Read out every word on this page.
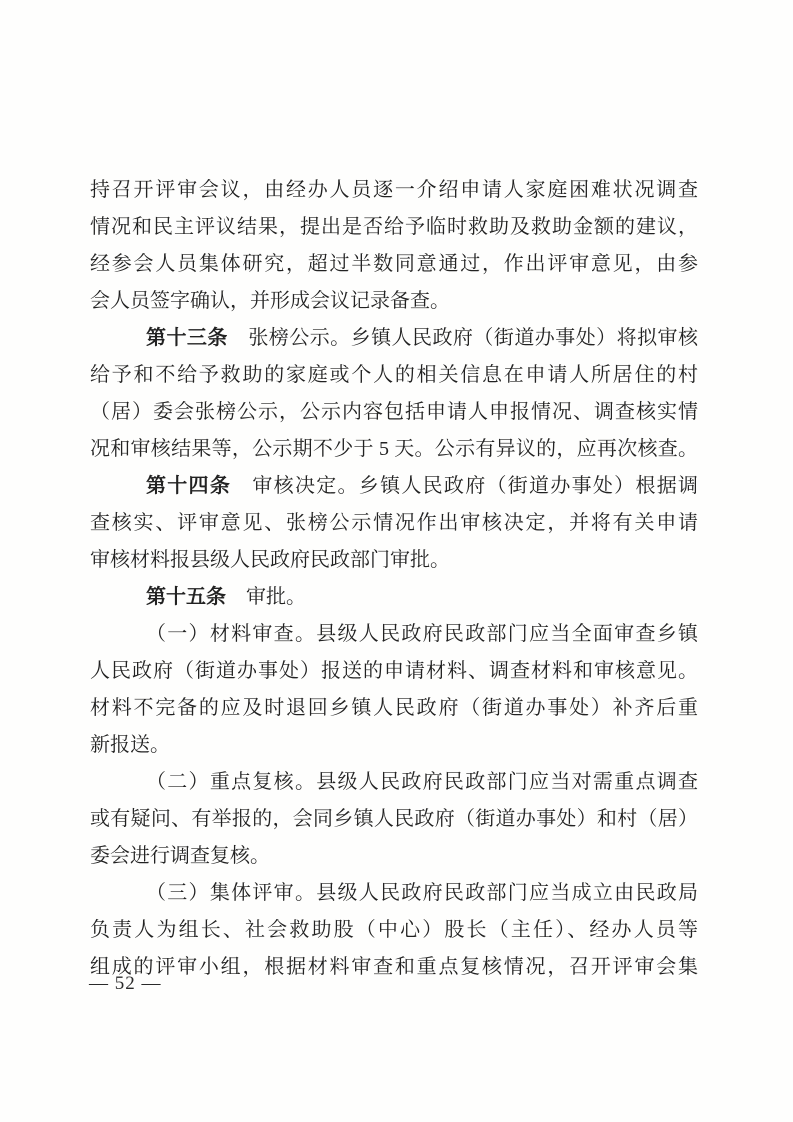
持召开评审会议，由经办人员逐一介绍申请人家庭困难状况调查
情况和民主评议结果，提出是否给予临时救助及救助金额的建议，
经参会人员集体研究，超过半数同意通过，作出评审意见，由参
会人员签字确认，并形成会议记录备查。
第十三条　张榜公示。乡镇人民政府（街道办事处）将拟审核
给予和不给予救助的家庭或个人的相关信息在申请人所居住的村
（居）委会张榜公示，公示内容包括申请人申报情况、调查核实情
况和审核结果等，公示期不少于 5 天。公示有异议的，应再次核查。
第十四条　审核决定。乡镇人民政府（街道办事处）根据调
查核实、评审意见、张榜公示情况作出审核决定，并将有关申请
审核材料报县级人民政府民政部门审批。
第十五条　审批。
（一）材料审查。县级人民政府民政部门应当全面审查乡镇
人民政府（街道办事处）报送的申请材料、调查材料和审核意见。
材料不完备的应及时退回乡镇人民政府（街道办事处）补齐后重
新报送。
（二）重点复核。县级人民政府民政部门应当对需重点调查
或有疑问、有举报的，会同乡镇人民政府（街道办事处）和村（居）
委会进行调查复核。
（三）集体评审。县级人民政府民政部门应当成立由民政局
负责人为组长、社会救助股（中心）股长（主任）、经办人员等
组成的评审小组，根据材料审查和重点复核情况，召开评审会集
— 52 —
